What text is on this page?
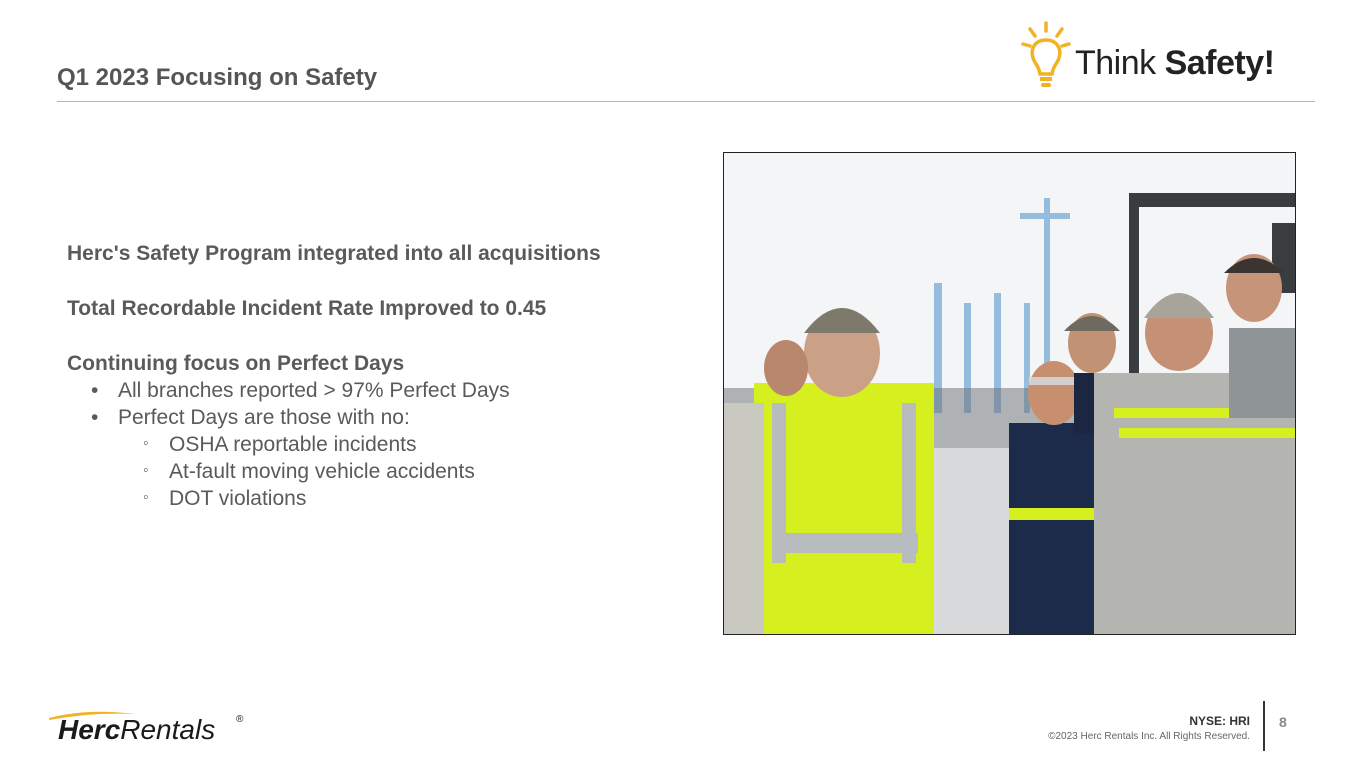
Q1 2023 Focusing on Safety	Think Safety!
Herc's Safety Program integrated into all acquisitions
Total Recordable Incident Rate Improved to 0.45
Continuing focus on Perfect Days
• All branches reported > 97% Perfect Days
• Perfect Days are those with no:
◦ OSHA reportable incidents
◦ At-fault moving vehicle accidents
◦ DOT violations
HercRentals ®	NYSE: HRI
©2023 Herc Rentals Inc. All Rights Reserved.
8
